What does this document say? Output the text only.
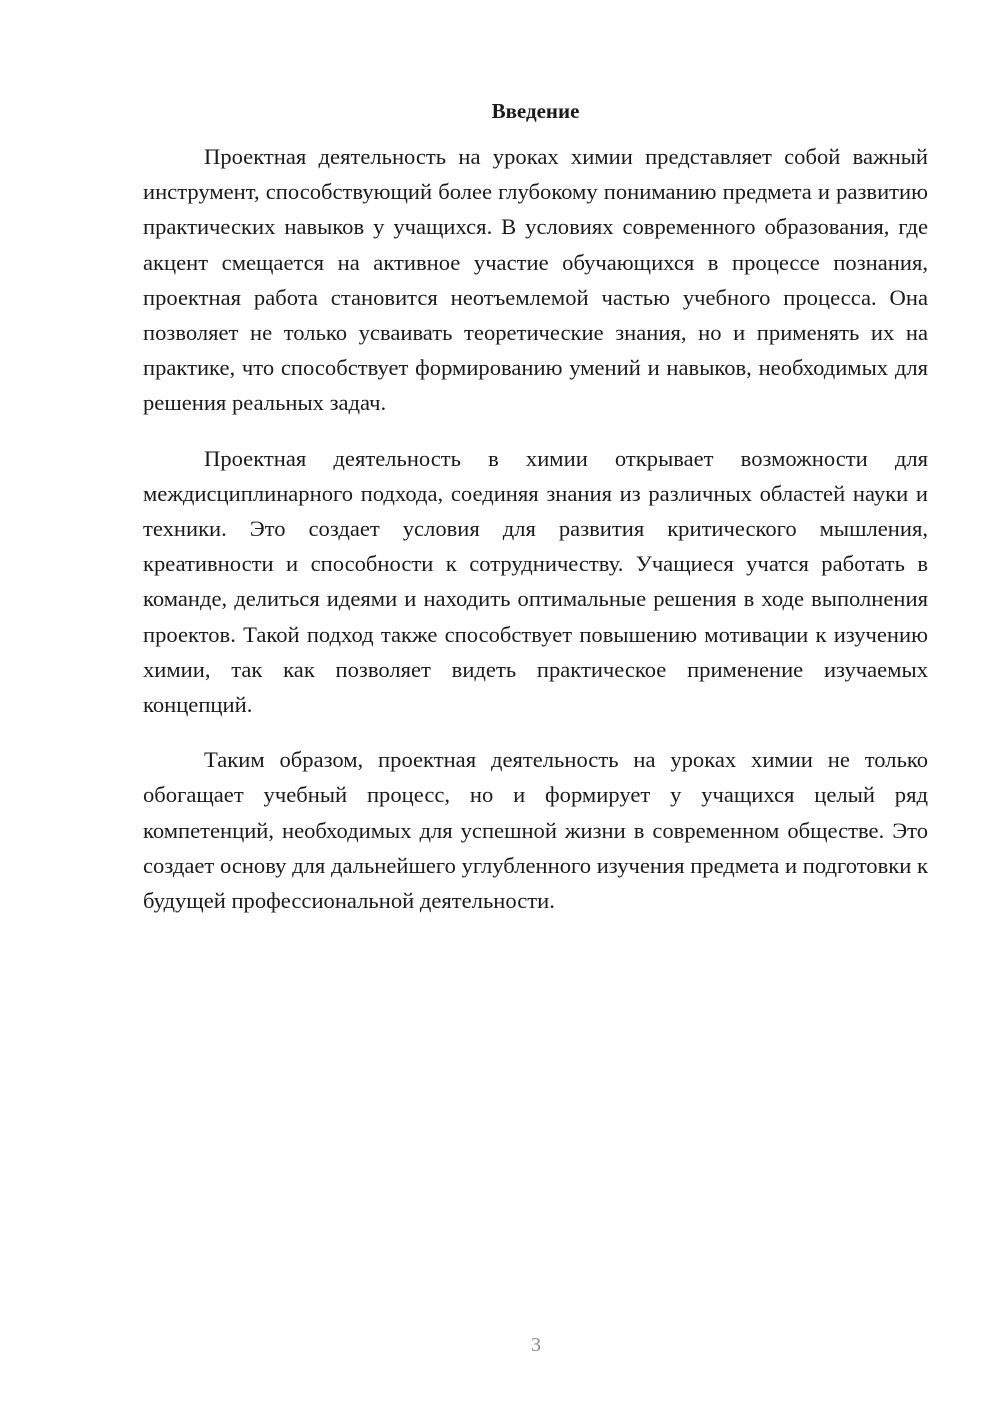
Введение

Проектная деятельность на уроках химии представляет собой важный инструмент, способствующий более глубокому пониманию предмета и развитию практических навыков у учащихся. В условиях современного образования, где акцент смещается на активное участие обучающихся в процессе познания, проектная работа становится неотъемлемой частью учебного процесса. Она позволяет не только усваивать теоретические знания, но и применять их на практике, что способствует формированию умений и навыков, необходимых для решения реальных задач.

Проектная деятельность в химии открывает возможности для междисциплинарного подхода, соединяя знания из различных областей науки и техники. Это создает условия для развития критического мышления, креативности и способности к сотрудничеству. Учащиеся учатся работать в команде, делиться идеями и находить оптимальные решения в ходе выполнения проектов. Такой подход также способствует повышению мотивации к изучению химии, так как позволяет видеть практическое применение изучаемых концепций.

Таким образом, проектная деятельность на уроках химии не только обогащает учебный процесс, но и формирует у учащихся целый ряд компетенций, необходимых для успешной жизни в современном обществе. Это создает основу для дальнейшего углубленного изучения предмета и подготовки к будущей профессиональной деятельности.

3
